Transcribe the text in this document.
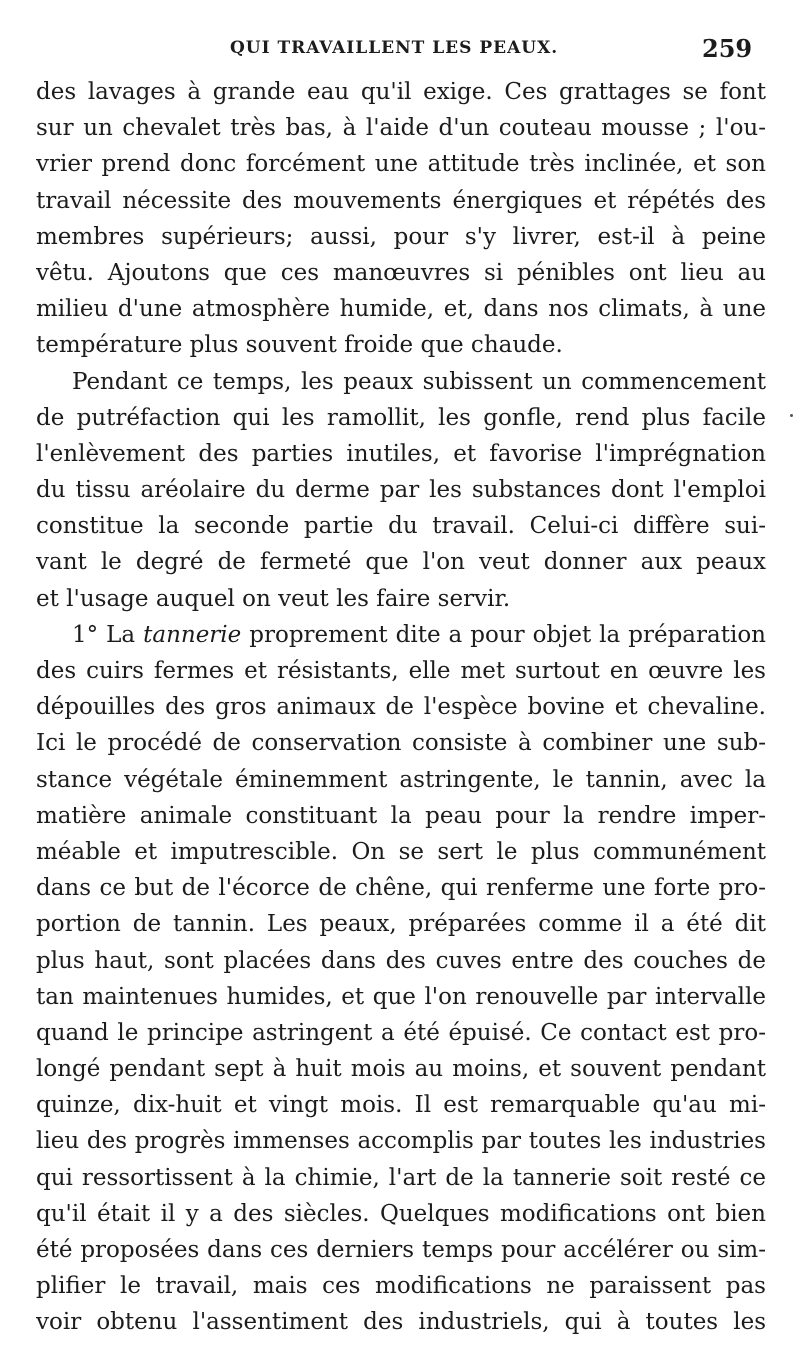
QUI TRAVAILLENT LES PEAUX.	259
des lavages à grande eau qu'il exige. Ces grattages se font
sur un chevalet très bas, à l'aide d'un couteau mousse ; l'ou-
vrier prend donc forcément une attitude très inclinée, et son
travail nécessite des mouvements énergiques et répétés des
membres supérieurs; aussi, pour s'y livrer, est-il à peine
vêtu. Ajoutons que ces manœuvres si pénibles ont lieu au
milieu d'une atmosphère humide, et, dans nos climats, à une
température plus souvent froide que chaude.
Pendant ce temps, les peaux subissent un commencement
de putréfaction qui les ramollit, les gonfle, rend plus facile
l'enlèvement des parties inutiles, et favorise l'imprégnation
du tissu aréolaire du derme par les substances dont l'emploi
constitue la seconde partie du travail. Celui-ci diffère sui-
vant le degré de fermeté que l'on veut donner aux peaux
et l'usage auquel on veut les faire servir.
1° La tannerie proprement dite a pour objet la préparation
des cuirs fermes et résistants, elle met surtout en œuvre les
dépouilles des gros animaux de l'espèce bovine et chevaline.
Ici le procédé de conservation consiste à combiner une sub-
stance végétale éminemment astringente, le tannin, avec la
matière animale constituant la peau pour la rendre imper-
méable et imputrescible. On se sert le plus communément
dans ce but de l'écorce de chêne, qui renferme une forte pro-
portion de tannin. Les peaux, préparées comme il a été dit
plus haut, sont placées dans des cuves entre des couches de
tan maintenues humides, et que l'on renouvelle par intervalle
quand le principe astringent a été épuisé. Ce contact est pro-
longé pendant sept à huit mois au moins, et souvent pendant
quinze, dix-huit et vingt mois. Il est remarquable qu'au mi-
lieu des progrès immenses accomplis par toutes les industries
qui ressortissent à la chimie, l'art de la tannerie soit resté ce
qu'il était il y a des siècles. Quelques modifications ont bien
été proposées dans ces derniers temps pour accélérer ou sim-
plifier le travail, mais ces modifications ne paraissent pas
voir obtenu l'assentiment des industriels, qui à toutes les
